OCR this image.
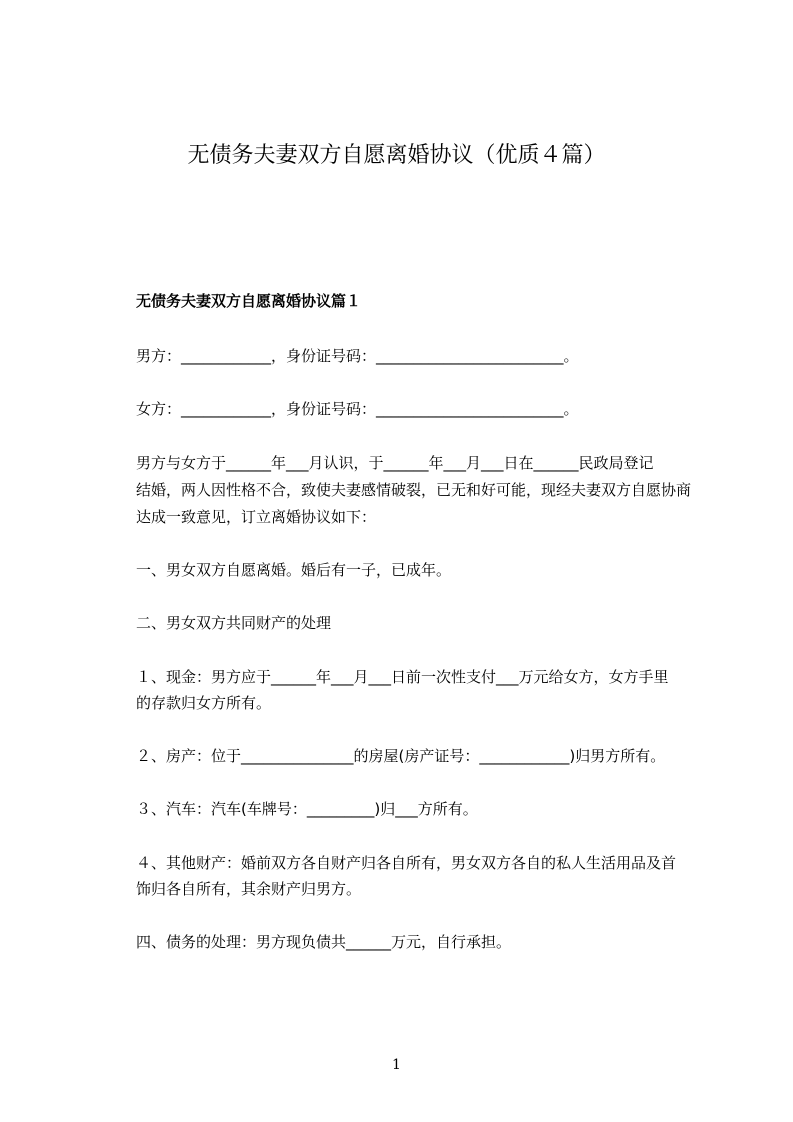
无债务夫妻双方自愿离婚协议（优质４篇）
无债务夫妻双方自愿离婚协议篇１
男方：____________，身份证号码：_________________________。
女方：____________，身份证号码：_________________________。
男方与女方于______年___月认识，于______年___月___日在______民政局登记
结婚，两人因性格不合，致使夫妻感情破裂，已无和好可能，现经夫妻双方自愿协商
达成一致意见，订立离婚协议如下：
一、男女双方自愿离婚。婚后有一子，已成年。
二、男女双方共同财产的处理
１、现金：男方应于______年___月___日前一次性支付___万元给女方，女方手里
的存款归女方所有。
２、房产：位于_______________的房屋(房产证号：____________)归男方所有。
３、汽车：汽车(车牌号：_________)归___方所有。
４、其他财产：婚前双方各自财产归各自所有，男女双方各自的私人生活用品及首
饰归各自所有，其余财产归男方。
四、债务的处理：男方现负债共______万元，自行承担。
1
